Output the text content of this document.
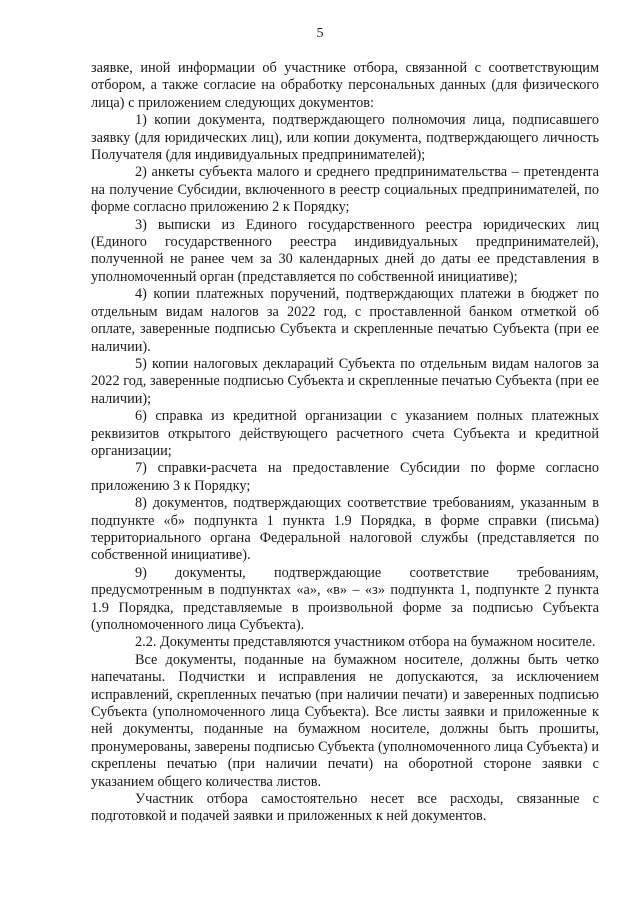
5

заявке, иной информации об участнике отбора, связанной с соответствующим отбором, а также согласие на обработку персональных данных (для физического лица) с приложением следующих документов:

1) копии документа, подтверждающего полномочия лица, подписавшего заявку (для юридических лиц), или копии документа, подтверждающего личность Получателя (для индивидуальных предпринимателей);

2) анкеты субъекта малого и среднего предпринимательства – претендента на получение Субсидии, включенного в реестр социальных предпринимателей, по форме согласно приложению 2 к Порядку;

3) выписки из Единого государственного реестра юридических лиц (Единого государственного реестра индивидуальных предпринимателей), полученной не ранее чем за 30 календарных дней до даты ее представления в уполномоченный орган (представляется по собственной инициативе);

4) копии платежных поручений, подтверждающих платежи в бюджет по отдельным видам налогов за 2022 год, с проставленной банком отметкой об оплате, заверенные подписью Субъекта и скрепленные печатью Субъекта (при ее наличии).

5) копии налоговых деклараций Субъекта по отдельным видам налогов за 2022 год, заверенные подписью Субъекта и скрепленные печатью Субъекта (при ее наличии);

6) справка из кредитной организации с указанием полных платежных реквизитов открытого действующего расчетного счета Субъекта и кредитной организации;

7) справки-расчета на предоставление Субсидии по форме согласно приложению 3 к Порядку;

8) документов, подтверждающих соответствие требованиям, указанным в подпункте «б» подпункта 1 пункта 1.9 Порядка, в форме справки (письма) территориального органа Федеральной налоговой службы (представляется по собственной инициативе).

9) документы, подтверждающие соответствие требованиям, предусмотренным в подпунктах «а», «в» – «з» подпункта 1, подпункте 2 пункта 1.9 Порядка, представляемые в произвольной форме за подписью Субъекта (уполномоченного лица Субъекта).

2.2. Документы представляются участником отбора на бумажном носителе.

Все документы, поданные на бумажном носителе, должны быть четко напечатаны. Подчистки и исправления не допускаются, за исключением исправлений, скрепленных печатью (при наличии печати) и заверенных подписью Субъекта (уполномоченного лица Субъекта). Все листы заявки и приложенные к ней документы, поданные на бумажном носителе, должны быть прошиты, пронумерованы, заверены подписью Субъекта (уполномоченного лица Субъекта) и скреплены печатью (при наличии печати) на оборотной стороне заявки с указанием общего количества листов.

Участник отбора самостоятельно несет все расходы, связанные с подготовкой и подачей заявки и приложенных к ней документов.
